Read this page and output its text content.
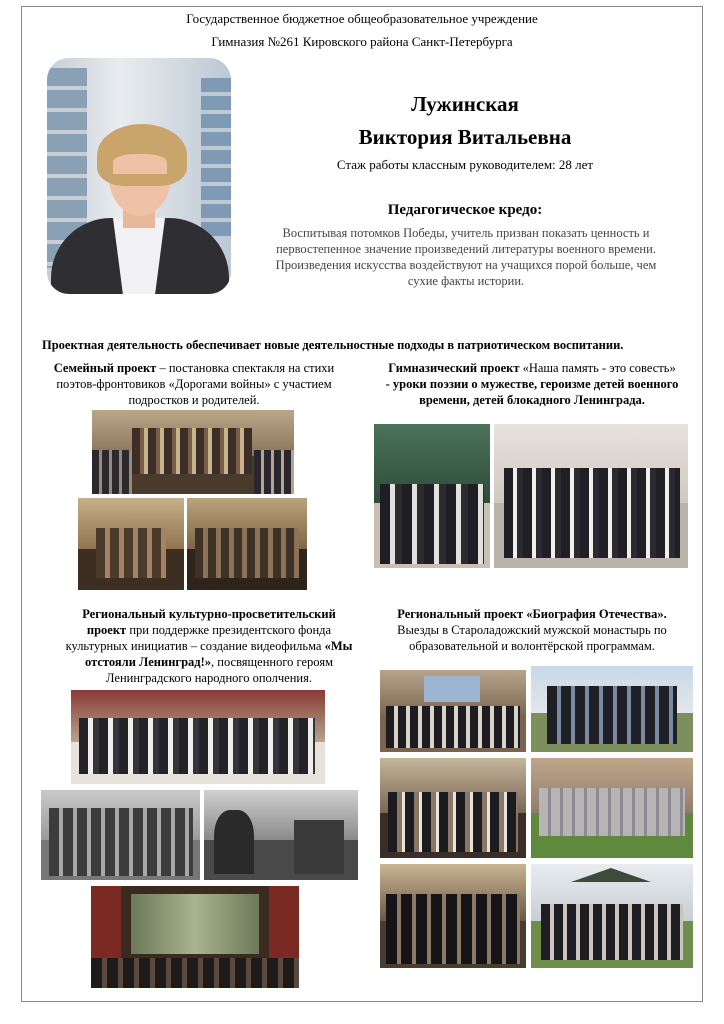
Государственное бюджетное общеобразовательное учреждение
Гимназия №261 Кировского района Санкт-Петербурга
Лужинская
Виктория Витальевна
Стаж работы классным руководителем: 28 лет
Педагогическое кредо:
Воспитывая потомков Победы, учитель призван показать ценность и
первостепенное значение произведений литературы военного времени.
Произведения искусства воздействуют на учащихся порой больше, чем
сухие факты истории.
Проектная деятельность обеспечивает новые деятельностные подходы в патриотическом воспитании.
Семейный проект – постановка спектакля на стихи
поэтов-фронтовиков «Дорогами войны» с участием
подростков и родителей.
Гимназический проект «Наша память - это совесть»
- уроки поэзии о мужестве, героизме детей военного
времени, детей блокадного Ленинграда.
Региональный культурно-просветительский
проект при поддержке президентского фонда
культурных инициатив – создание видеофильма «Мы
отстояли Ленинград!», посвященного героям
Ленинградского народного ополчения.
Региональный проект «Биография Отечества».
Выезды в Староладожский мужской монастырь по
образовательной и волонтёрской программам.
